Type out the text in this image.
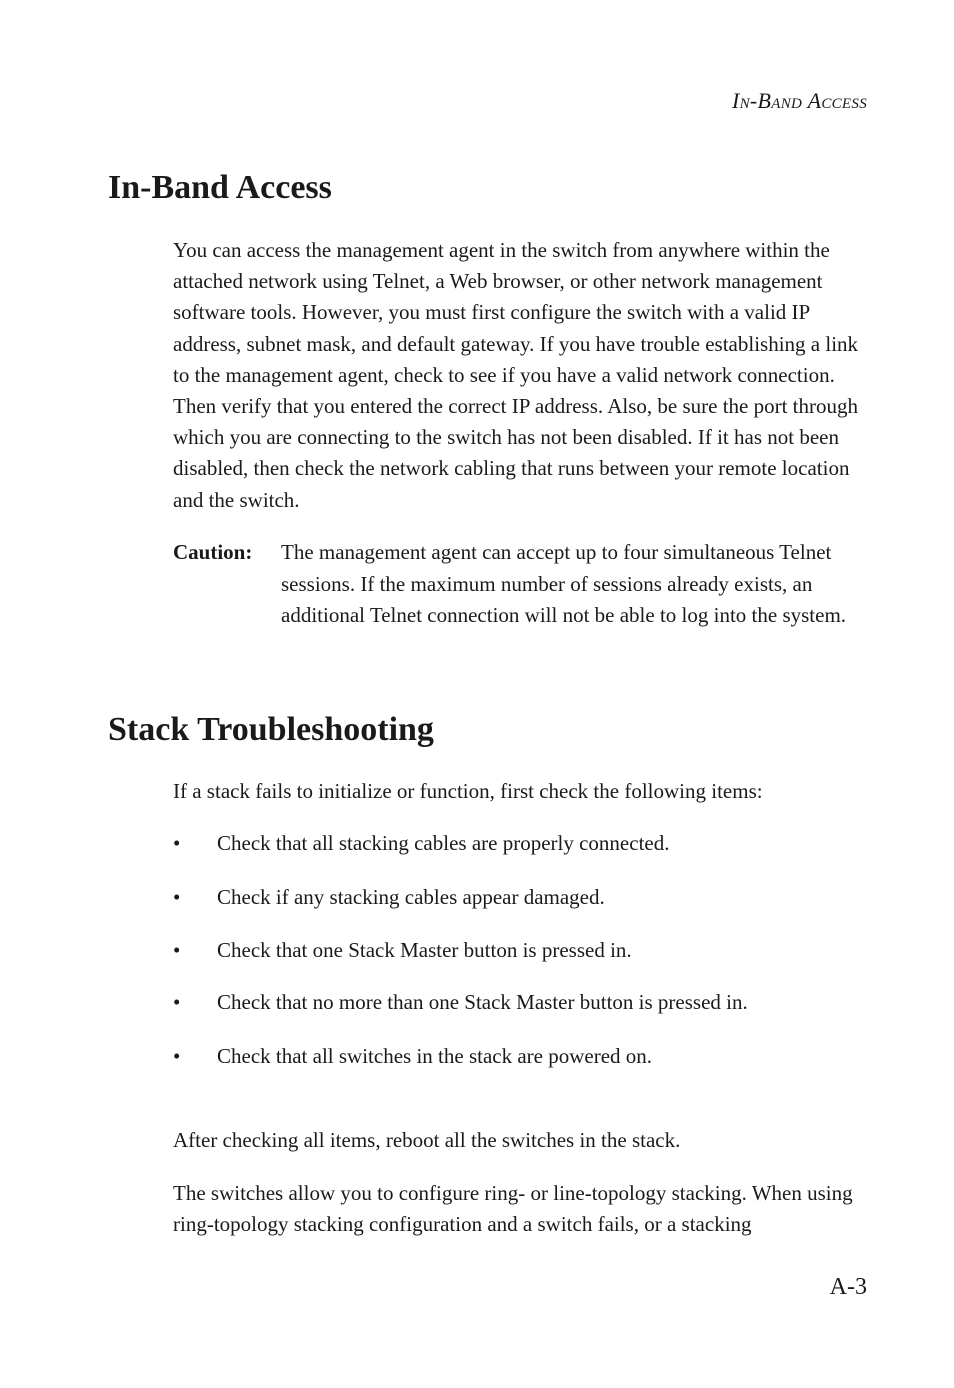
In-Band Access
In-Band Access

You can access the management agent in the switch from anywhere within the attached network using Telnet, a Web browser, or other network management software tools. However, you must first configure the switch with a valid IP address, subnet mask, and default gateway. If you have trouble establishing a link to the management agent, check to see if you have a valid network connection. Then verify that you entered the correct IP address. Also, be sure the port through which you are connecting to the switch has not been disabled. If it has not been disabled, then check the network cabling that runs between your remote location and the switch.

Caution: The management agent can accept up to four simultaneous Telnet sessions. If the maximum number of sessions already exists, an additional Telnet connection will not be able to log into the system.
Stack Troubleshooting

If a stack fails to initialize or function, first check the following items:

• Check that all stacking cables are properly connected.
• Check if any stacking cables appear damaged.
• Check that one Stack Master button is pressed in.
• Check that no more than one Stack Master button is pressed in.
• Check that all switches in the stack are powered on.

After checking all items, reboot all the switches in the stack.

The switches allow you to configure ring- or line-topology stacking. When using ring-topology stacking configuration and a switch fails, or a stacking

A-3
